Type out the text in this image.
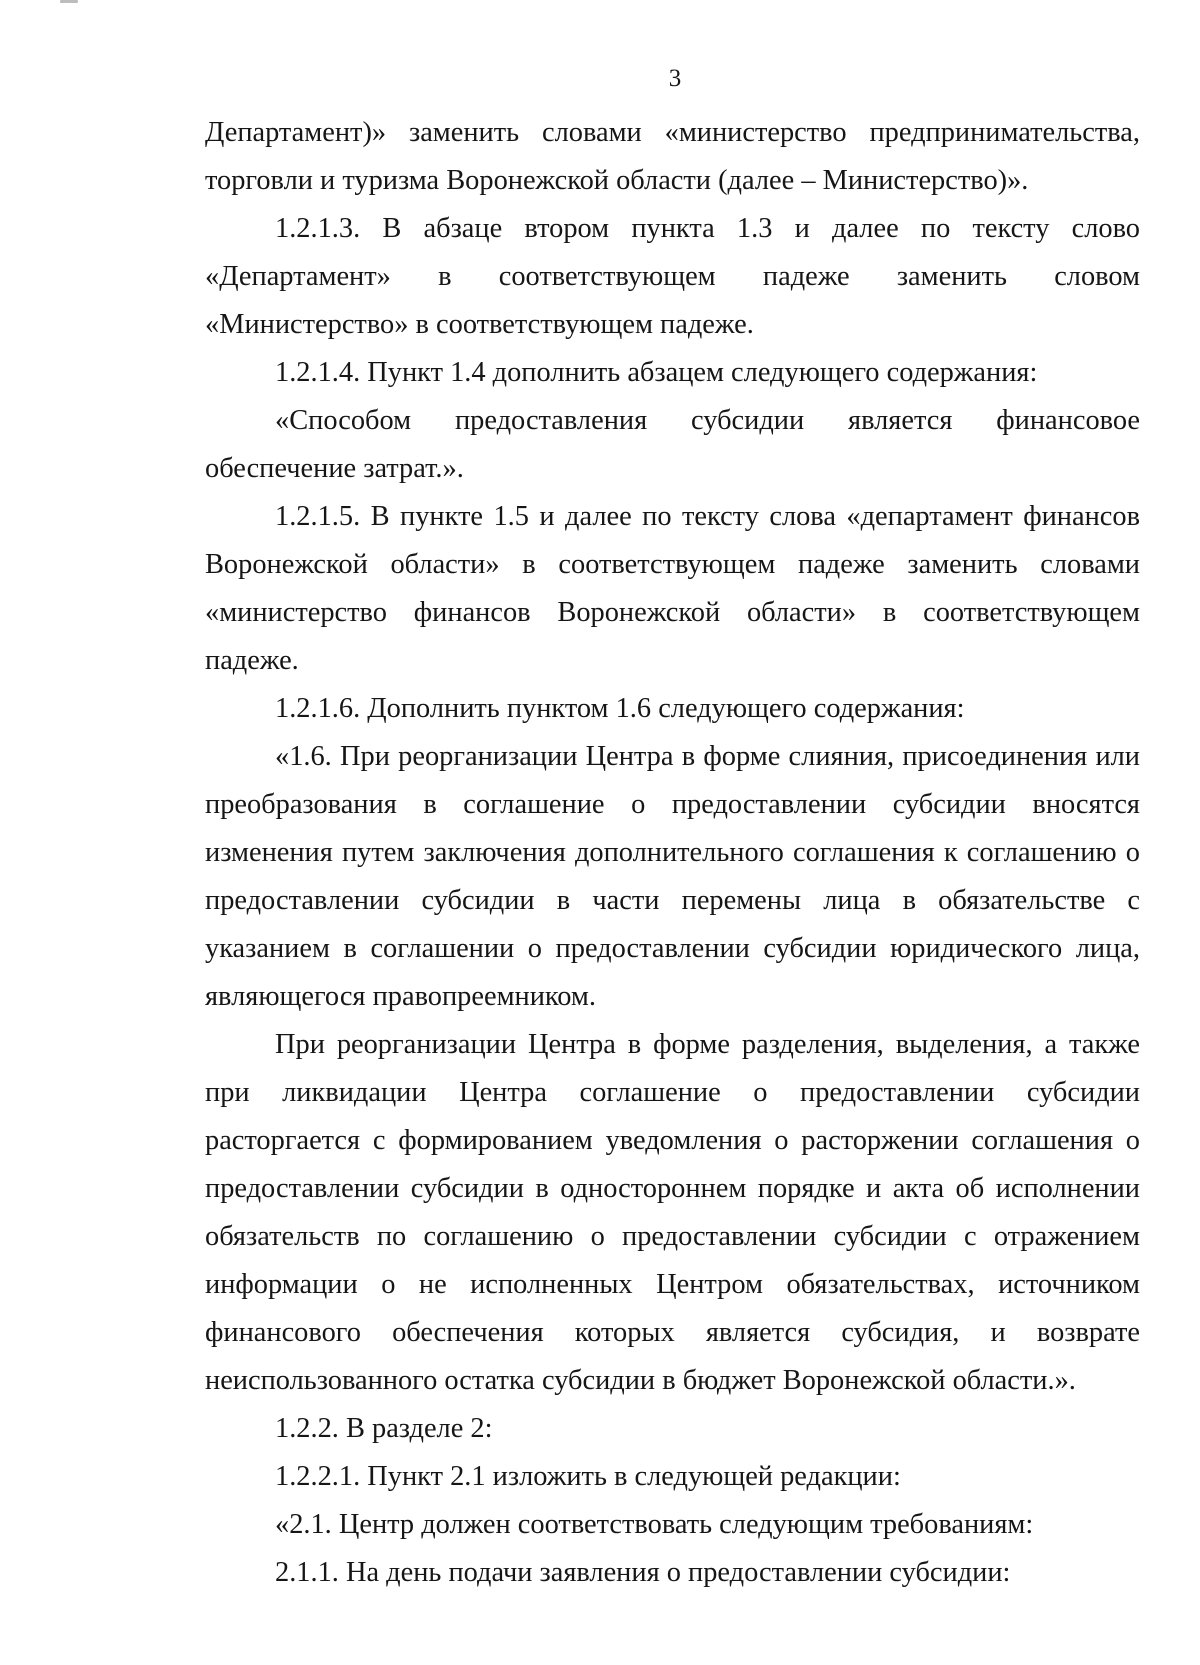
3

Департамент)» заменить словами «министерство предпринимательства, торговли и туризма Воронежской области (далее – Министерство)».

1.2.1.3. В абзаце втором пункта 1.3 и далее по тексту слово «Департамент» в соответствующем падеже заменить словом «Министерство» в соответствующем падеже.

1.2.1.4. Пункт 1.4 дополнить абзацем следующего содержания:

«Способом предоставления субсидии является финансовое обеспечение затрат.».

1.2.1.5. В пункте 1.5 и далее по тексту слова «департамент финансов Воронежской области» в соответствующем падеже заменить словами «министерство финансов Воронежской области» в соответствующем падеже.

1.2.1.6. Дополнить пунктом 1.6 следующего содержания:

«1.6. При реорганизации Центра в форме слияния, присоединения или преобразования в соглашение о предоставлении субсидии вносятся изменения путем заключения дополнительного соглашения к соглашению о предоставлении субсидии в части перемены лица в обязательстве с указанием в соглашении о предоставлении субсидии юридического лица, являющегося правопреемником.

При реорганизации Центра в форме разделения, выделения, а также при ликвидации Центра соглашение о предоставлении субсидии расторгается с формированием уведомления о расторжении соглашения о предоставлении субсидии в одностороннем порядке и акта об исполнении обязательств по соглашению о предоставлении субсидии с отражением информации о не исполненных Центром обязательствах, источником финансового обеспечения которых является субсидия, и возврате неиспользованного остатка субсидии в бюджет Воронежской области.».

1.2.2. В разделе 2:

1.2.2.1. Пункт 2.1 изложить в следующей редакции:

«2.1. Центр должен соответствовать следующим требованиям:

2.1.1. На день подачи заявления о предоставлении субсидии:
